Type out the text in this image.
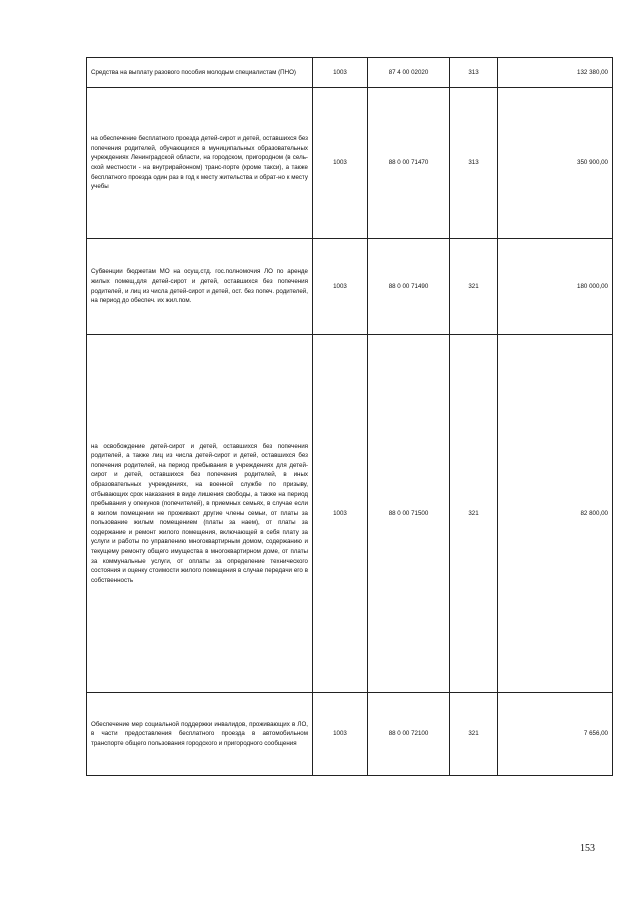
Средства на выплату разового пособия молодым специалистам (ПНО)	1003	87 4 00 02020	313	132 380,00
на обеспечение бесплатного проезда детей-сирот и детей, оставшихся без попечения родителей, обучающихся в муниципальных образовательных учреждениях Ленинградской области, на городском, пригородном (в сель-ской местности - на внутрирайонном) транс-порте (кроме такси), а также бесплатного проезда один раз в год к месту жительства и обрат-но к месту учебы	1003	88 0 00 71470	313	350 900,00
Субвенции бюджетам МО на осущ.стд. гос.полномочия ЛО по аренде жилых помещ.для детей-сирот и детей, оставшихся без попечения родителей, и лиц из числа детей-сирот и детей, ост. без попеч. родителей, на период до обеспеч. их жил.пом.	1003	88 0 00 71490	321	180 000,00
на освобождение детей-сирот и детей, оставшихся без попечения родителей, а также лиц из числа детей-сирот и детей, оставшихся без попечения родителей, на период пребывания в учреждениях для детей-сирот и детей, оставшихся без попечения родителей, в иных образовательных учреждениях, на военной службе по призыву, отбывающих срок наказания в виде лишения свободы, а также на период пребывания у опекунов (попечителей), в приемных семьях, в случае если в жилом помещении не проживают другие члены семьи, от платы за пользование жилым помещением (платы за наем), от платы за содержание и ремонт жилого помещения, включающей в себя плату за услуги и работы по управлению многоквартирным домом, содержанию и текущему ремонту общего имущества в многоквартирном доме, от платы за коммунальные услуги, от оплаты за определение технического состояния и оценку стоимости жилого помещения в случае передачи его в собственность	1003	88 0 00 71500	321	82 800,00
Обеспечение мер социальной поддержки инвалидов, проживающих в ЛО, в части предоставления бесплатного проезда в автомобильном транспорте общего пользования городского и пригородного сообщения	1003	88 0 00 72100	321	7 656,00
153
